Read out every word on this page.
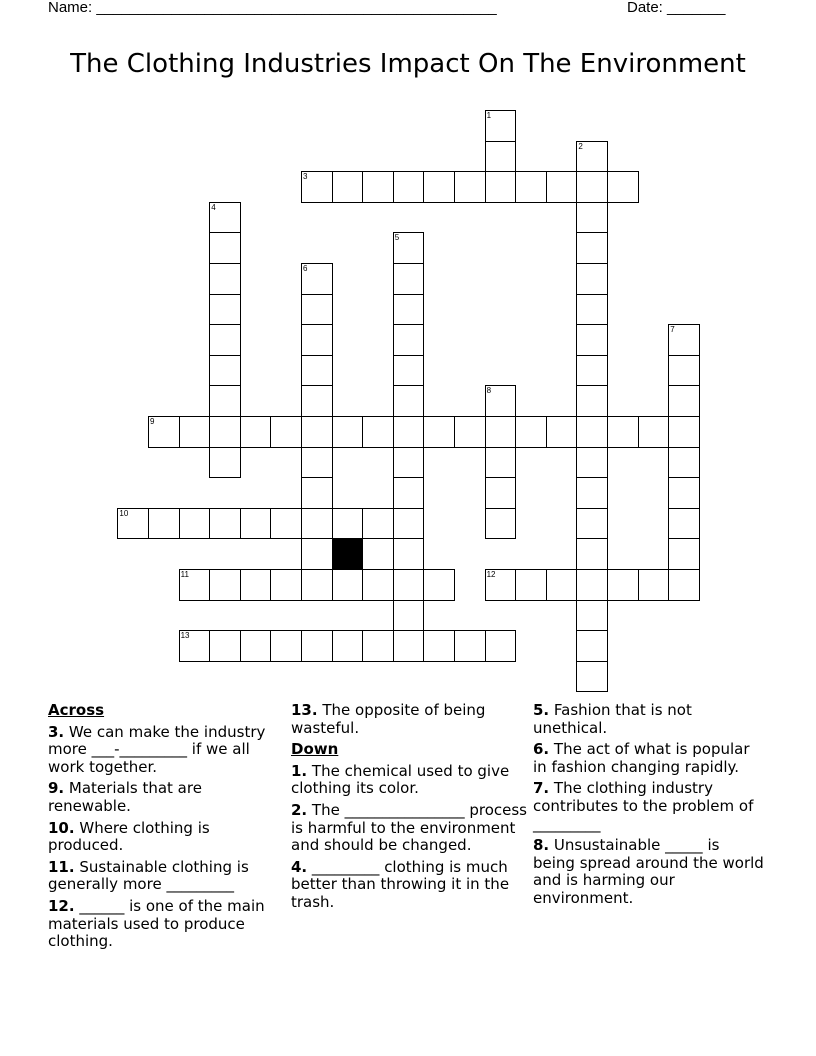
Name: ________________________________________________	Date: _______
The Clothing Industries Impact On The Environment
1
2
3
4
5
6
7
8
9
10
11	12
13
Across
3. We can make the industry more ___-_________ if we all work together.
9. Materials that are renewable.
10. Where clothing is produced.
11. Sustainable clothing is generally more _________
12. ______ is one of the main materials used to produce clothing.
13. The opposite of being wasteful.
Down
1. The chemical used to give clothing its color.
2. The ________________ process is harmful to the environment and should be changed.
4. _________ clothing is much better than throwing it in the trash.
5. Fashion that is not unethical.
6. The act of what is popular in fashion changing rapidly.
7. The clothing industry contributes to the problem of _________
8. Unsustainable _____ is being spread around the world and is harming our environment.
